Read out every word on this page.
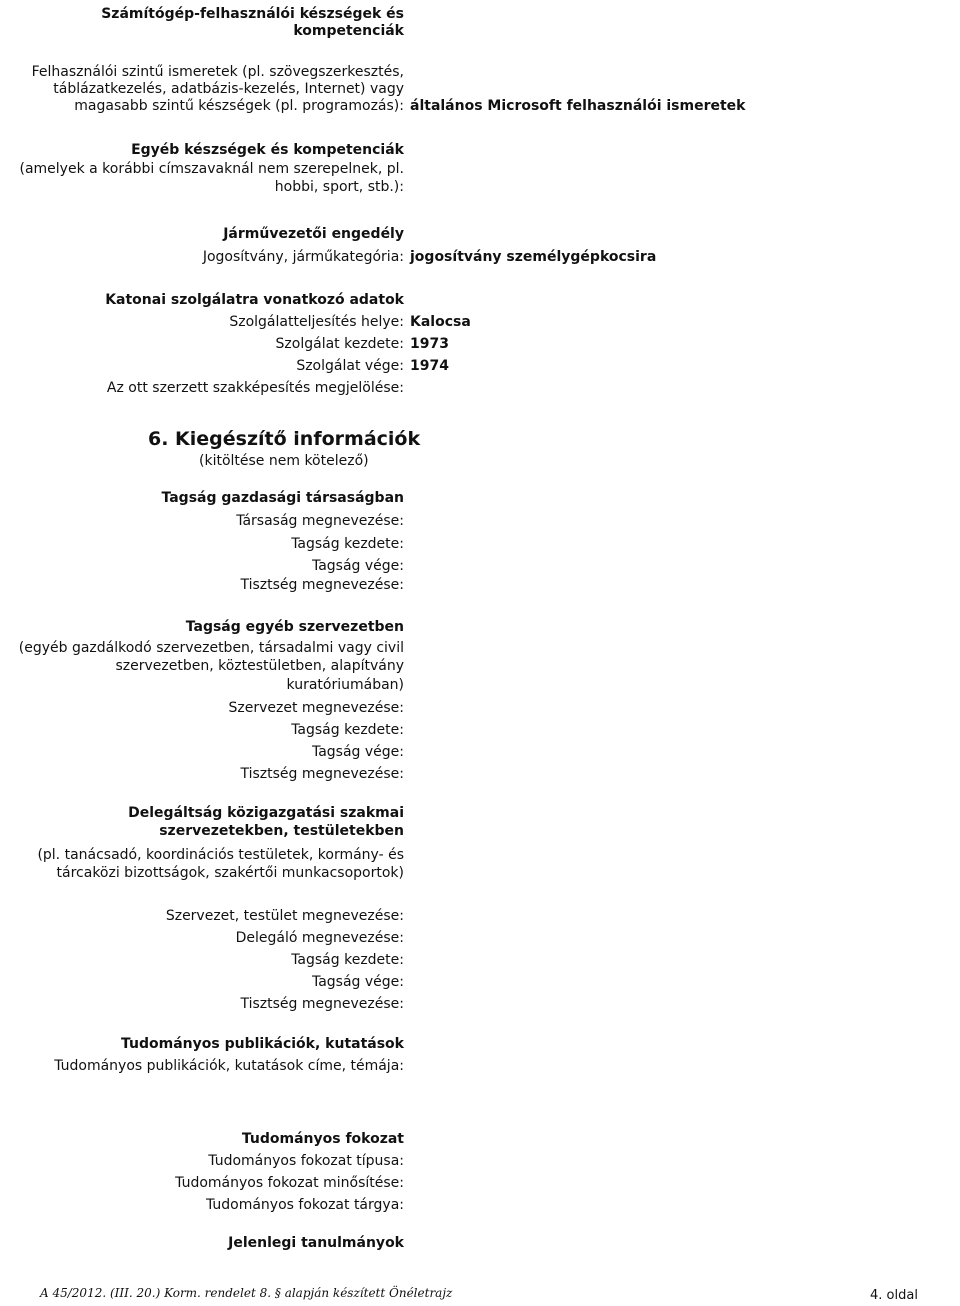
Számítógép-felhasználói készségek és
kompetenciák
Felhasználói szintű ismeretek (pl. szövegszerkesztés,
táblázatkezelés, adatbázis-kezelés, Internet) vagy
magasabb szintű készségek (pl. programozás): általános Microsoft felhasználói ismeretek
Egyéb készségek és kompetenciák
(amelyek a korábbi címszavaknál nem szerepelnek, pl.
hobbi, sport, stb.):
Járművezetői engedély
Jogosítvány, járműkategória: jogosítvány személygépkocsira
Katonai szolgálatra vonatkozó adatok
Szolgálatteljesítés helye: Kalocsa
Szolgálat kezdete: 1973
Szolgálat vége: 1974
Az ott szerzett szakképesítés megjelölése:
6. Kiegészítő információk
(kitöltése nem kötelező)
Tagság gazdasági társaságban
Társaság megnevezése:
Tagság kezdete:
Tagság vége:
Tisztség megnevezése:
Tagság egyéb szervezetben
(egyéb gazdálkodó szervezetben, társadalmi vagy civil
szervezetben, köztestületben, alapítvány
kuratóriumában)
Szervezet megnevezése:
Tagság kezdete:
Tagság vége:
Tisztség megnevezése:
Delegáltság közigazgatási szakmai
szervezetekben, testületekben
(pl. tanácsadó, koordinációs testületek, kormány- és
tárcaközi bizottságok, szakértői munkacsoportok)
Szervezet, testület megnevezése:
Delegáló megnevezése:
Tagság kezdete:
Tagság vége:
Tisztség megnevezése:
Tudományos publikációk, kutatások
Tudományos publikációk, kutatások címe, témája:
Tudományos fokozat
Tudományos fokozat típusa:
Tudományos fokozat minősítése:
Tudományos fokozat tárgya:
Jelenlegi tanulmányok
A 45/2012. (III. 20.) Korm. rendelet 8. § alapján készített Önéletrajz	4. oldal
